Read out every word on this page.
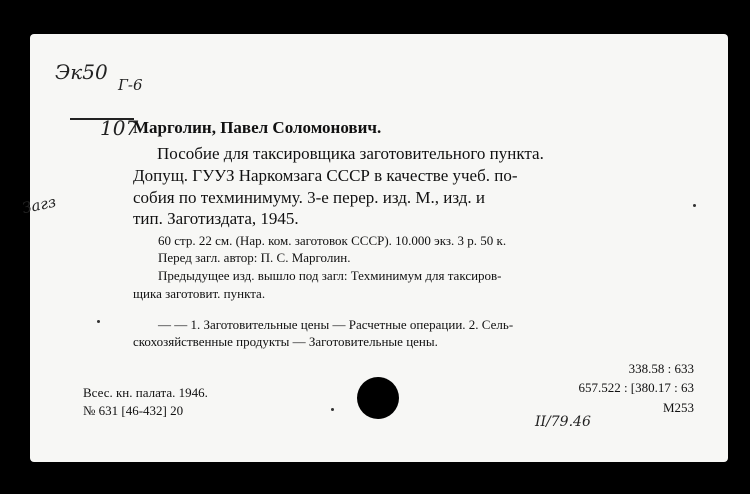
Эк50
Г-6
107
Загз
Марголин, Павел Соломонович.
Пособие для таксировщика заготовительного пункта.
Допущ. ГУУЗ Наркомзага СССР в качестве учеб. по-
собия по техминимуму. 3-е перер. изд. М., изд. и
тип. Заготиздата, 1945.
60 стр. 22 см. (Нар. ком. заготовок СССР). 10.000 экз. 3 р. 50 к.
Перед загл. автор: П. С. Марголин.
Предыдущее изд. вышло под загл: Техминимум для таксиров-
щика заготовит. пункта.
— — 1. Заготовительные цены — Расчетные операции. 2. Сель-
скохозяйственные продукты — Заготовительные цены.
Всес. кн. палата. 1946.
№ 631 [46-432] 20
338.58 : 633
657.522 : [380.17 : 63
М253
II/79.46
